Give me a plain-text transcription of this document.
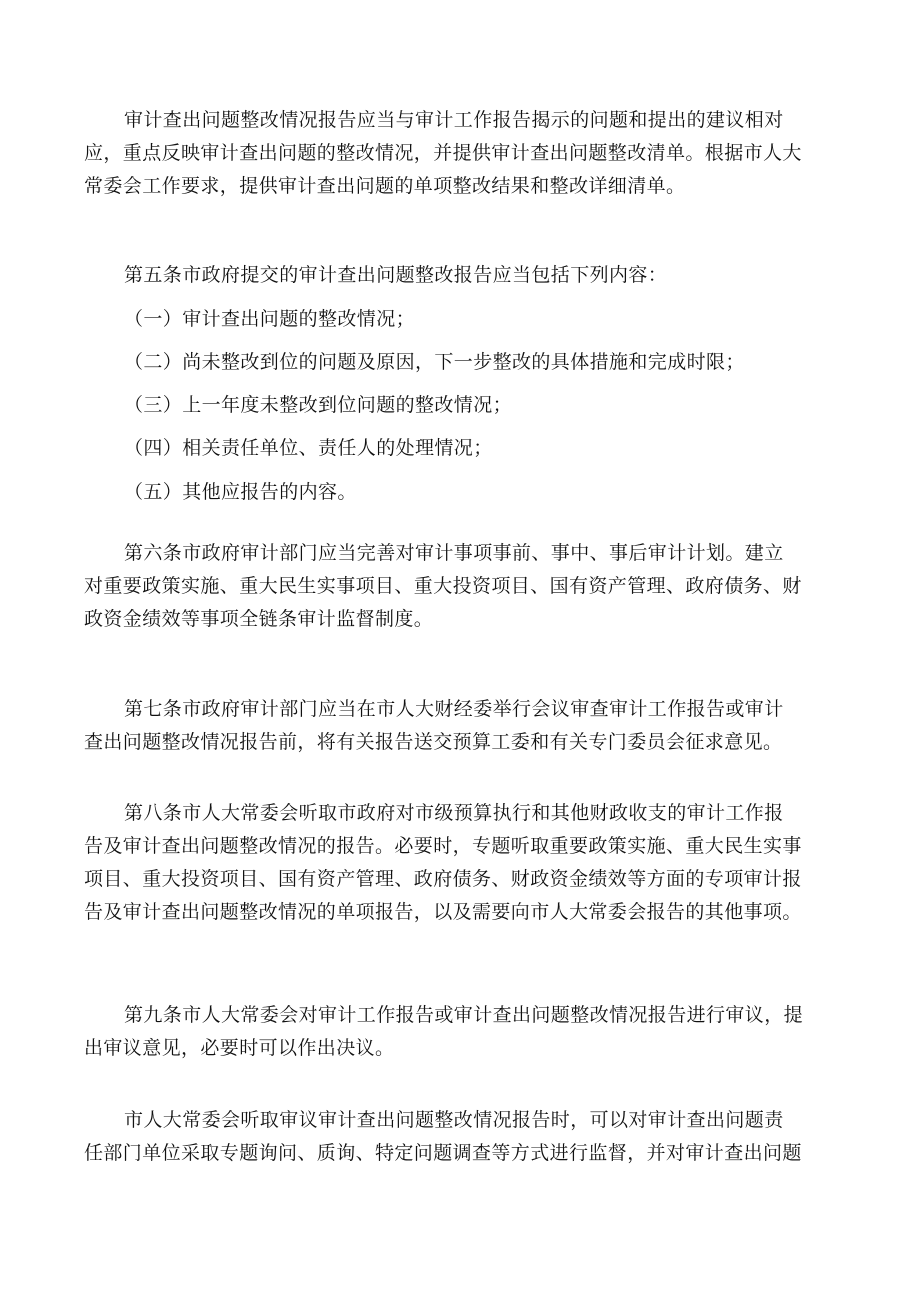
审计查出问题整改情况报告应当与审计工作报告揭示的问题和提出的建议相对
应，重点反映审计查出问题的整改情况，并提供审计查出问题整改清单。根据市人大
常委会工作要求，提供审计查出问题的单项整改结果和整改详细清单。

第五条市政府提交的审计查出问题整改报告应当包括下列内容：

（一）审计查出问题的整改情况；
（二）尚未整改到位的问题及原因，下一步整改的具体措施和完成时限；
（三）上一年度未整改到位问题的整改情况；
（四）相关责任单位、责任人的处理情况；
（五）其他应报告的内容。

第六条市政府审计部门应当完善对审计事项事前、事中、事后审计计划。建立
对重要政策实施、重大民生实事项目、重大投资项目、国有资产管理、政府债务、财
政资金绩效等事项全链条审计监督制度。

第七条市政府审计部门应当在市人大财经委举行会议审查审计工作报告或审计
查出问题整改情况报告前，将有关报告送交预算工委和有关专门委员会征求意见。

第八条市人大常委会听取市政府对市级预算执行和其他财政收支的审计工作报
告及审计查出问题整改情况的报告。必要时，专题听取重要政策实施、重大民生实事
项目、重大投资项目、国有资产管理、政府债务、财政资金绩效等方面的专项审计报
告及审计查出问题整改情况的单项报告，以及需要向市人大常委会报告的其他事项。

第九条市人大常委会对审计工作报告或审计查出问题整改情况报告进行审议，提
出审议意见，必要时可以作出决议。

市人大常委会听取审议审计查出问题整改情况报告时，可以对审计查出问题责
任部门单位采取专题询问、质询、特定问题调查等方式进行监督，并对审计查出问题
